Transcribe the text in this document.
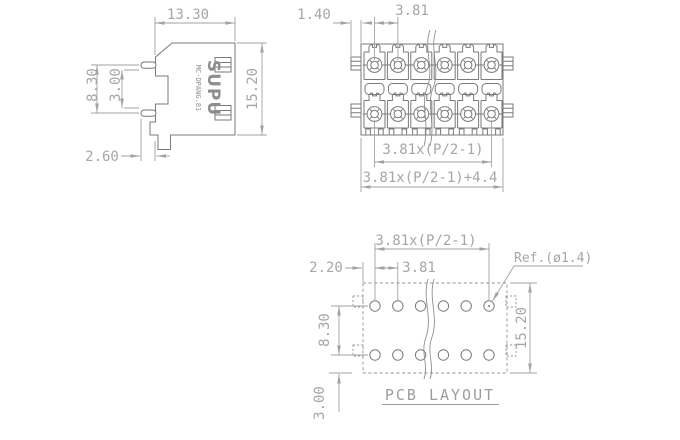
SUPU
MC-DPANG.81
13.30
15.20
8.30 3.00
2.60
1.40	3.81
3.81x(P/2-1)
3.81x(P/2-1)+4.4
3.81x(P/2-1)
2.20	3.81
Ref.(ø1.4)
8.30	15.20
3.00	PCB LAYOUT
